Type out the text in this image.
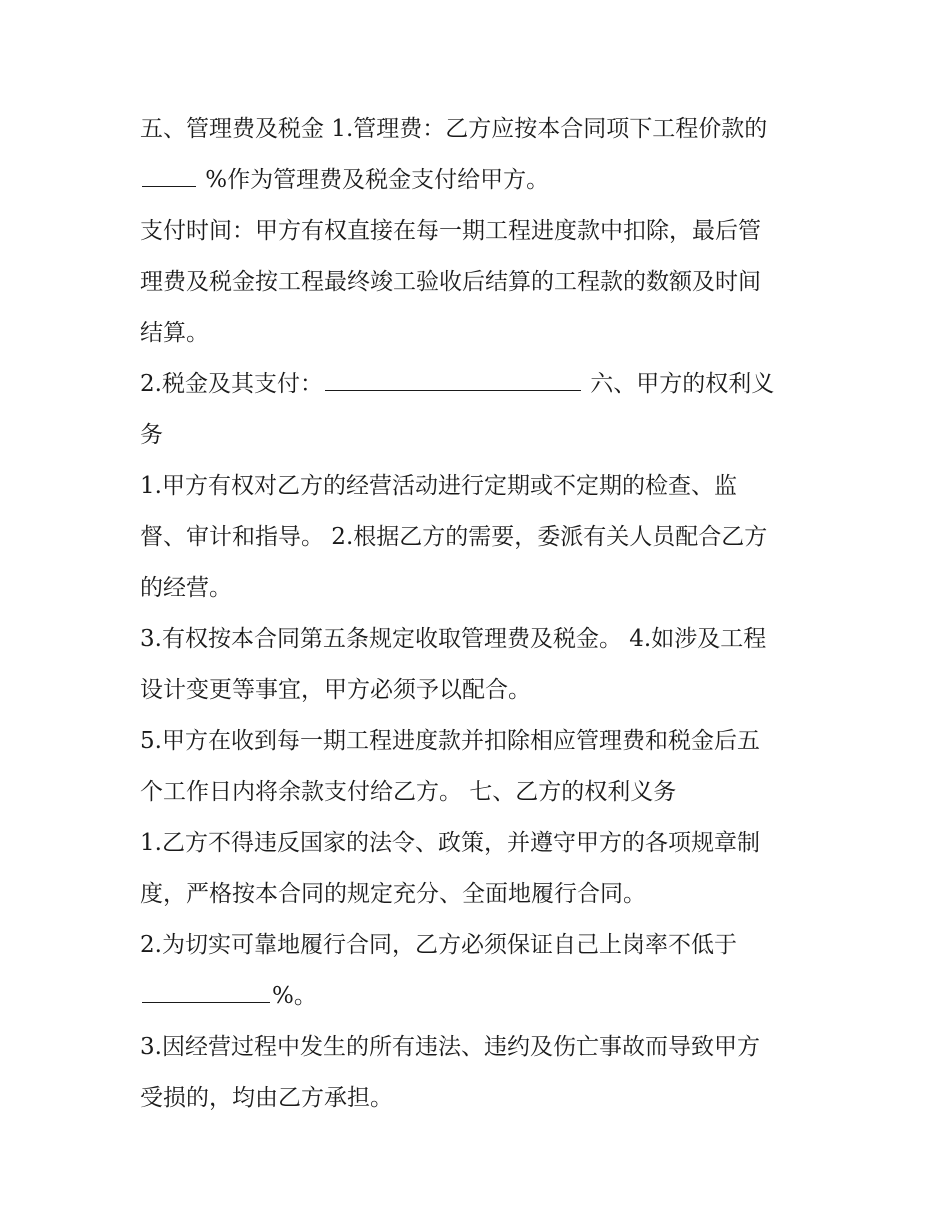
五、管理费及税金 1.管理费：乙方应按本合同项下工程价款的
%作为管理费及税金支付给甲方。
支付时间：甲方有权直接在每一期工程进度款中扣除，最后管
理费及税金按工程最终竣工验收后结算的工程款的数额及时间
结算。
2.税金及其支付：	六、甲方的权利义
务
1.甲方有权对乙方的经营活动进行定期或不定期的检查、监
督、审计和指导。 2.根据乙方的需要，委派有关人员配合乙方
的经营。
3.有权按本合同第五条规定收取管理费及税金。 4.如涉及工程
设计变更等事宜，甲方必须予以配合。
5.甲方在收到每一期工程进度款并扣除相应管理费和税金后五
个工作日内将余款支付给乙方。 七、乙方的权利义务
1.乙方不得违反国家的法令、政策，并遵守甲方的各项规章制
度，严格按本合同的规定充分、全面地履行合同。
2.为切实可靠地履行合同，乙方必须保证自己上岗率不低于
%。
3.因经营过程中发生的所有违法、违约及伤亡事故而导致甲方
受损的，均由乙方承担。
